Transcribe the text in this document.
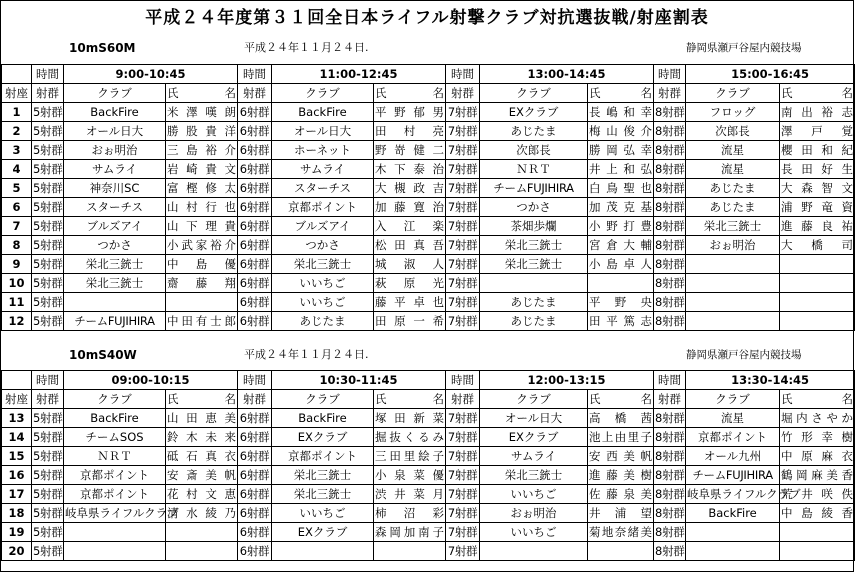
平成２４年度第３１回全日本ライフル射撃クラブ対抗選抜戦/射座割表
10mS60M	平成２４年１１月２４日.	静岡県瀬戸谷屋内競技場
	時間	9:00-10:45		時間	11:00-12:45		時間	13:00-14:45		時間	15:00-16:45	
射座	射群	クラブ	氏名	射群	クラブ	氏名	射群	クラブ	氏名	射群	クラブ	氏名
1	5射群	BackFire	米澤嘆朗	6射群	BackFire	平野郁男	7射群	EXクラブ	長嶋和幸	8射群	フロッグ	南出裕志
2	5射群	オール日大	勝股貴洋	6射群	オール日大	田村亮	7射群	あじたま	梅山俊介	8射群	次郎長	澤戸覚
3	5射群	おぉ明治	三島裕介	6射群	ホーネット	野嵜健二	7射群	次郎長	勝岡弘幸	8射群	流星	櫻田和紀
4	5射群	サムライ	岩崎貴文	6射群	サムライ	木下泰治	7射群	ＮＲＴ	井上和弘	8射群	流星	長田好生
5	5射群	神奈川SC	富樫修太	6射群	スターチス	大槻政吉	7射群	チームFUJIHIRA	白鳥聖也	8射群	あじたま	大森智文
6	5射群	スターチス	山村行也	6射群	京都ポイント	加藤寛治	7射群	つかさ	加茂克基	8射群	あじたま	浦野竜資
7	5射群	ブルズアイ	山下理貴	6射群	ブルズアイ	入江楽	7射群	茶畑歩爛	小野打豊	8射群	栄北三銃士	進藤良祐
8	5射群	つかさ	小武家裕介	6射群	つかさ	松田真吾	7射群	栄北三銃士	宮倉大輔	8射群	おぉ明治	大橋司
9	5射群	栄北三銃士	中島優	6射群	栄北三銃士	城淑人	7射群	栄北三銃士	小島卓人	8射群		
10	5射群	栄北三銃士	齋藤翔	6射群	いいちご	萩原光	7射群			8射群		
11	5射群			6射群	いいちご	藤平卓也	7射群	あじたま	平野央	8射群		
12	5射群	チームFUJIHIRA	中田有士郎	6射群	あじたま	田原一希	7射群	あじたま	田平篤志	8射群		
10mS40W	平成２４年１１月２４日.	静岡県瀬戸谷屋内競技場
	時間	09:00-10:15		時間	10:30-11:45		時間	12:00-13:15		時間	13:30-14:45	
射座	射群	クラブ	氏名	射群	クラブ	氏名	射群	クラブ	氏名	射群	クラブ	氏名
13	5射群	BackFire	山田恵美	6射群	BackFire	塚田新菜	7射群	オール日大	高橋茜	8射群	流星	堀内さやか
14	5射群	チームSOS	鈴木未来	6射群	EXクラブ	掘抜くるみ	7射群	EXクラブ	池上由里子	8射群	京都ポイント	竹形幸樹
15	5射群	ＮＲＴ	砥石真衣	6射群	京都ポイント	三田里絵子	7射群	サムライ	安西美帆	8射群	オール九州	中原麻衣
16	5射群	京都ポイント	安斎美帆	6射群	栄北三銃士	小泉菜優	7射群	栄北三銃士	進藤美樹	8射群	チームFUJIHIRA	鶴岡麻美香
17	5射群	京都ポイント	花村文恵	6射群	栄北三銃士	渋井菜月	7射群	いいちご	佐藤泉美	8射群	岐阜県ライフルクラブ	荒井咲佚
18	5射群	岐阜県ライフルクラブ	清水綾乃	6射群	いいちご	柿沼彩	7射群	おぉ明治	井浦望	8射群	BackFire	中島綾香
19	5射群			6射群	EXクラブ	森岡加南子	7射群	いいちご	菊地奈緒美	8射群		
20	5射群			6射群			7射群			8射群		
